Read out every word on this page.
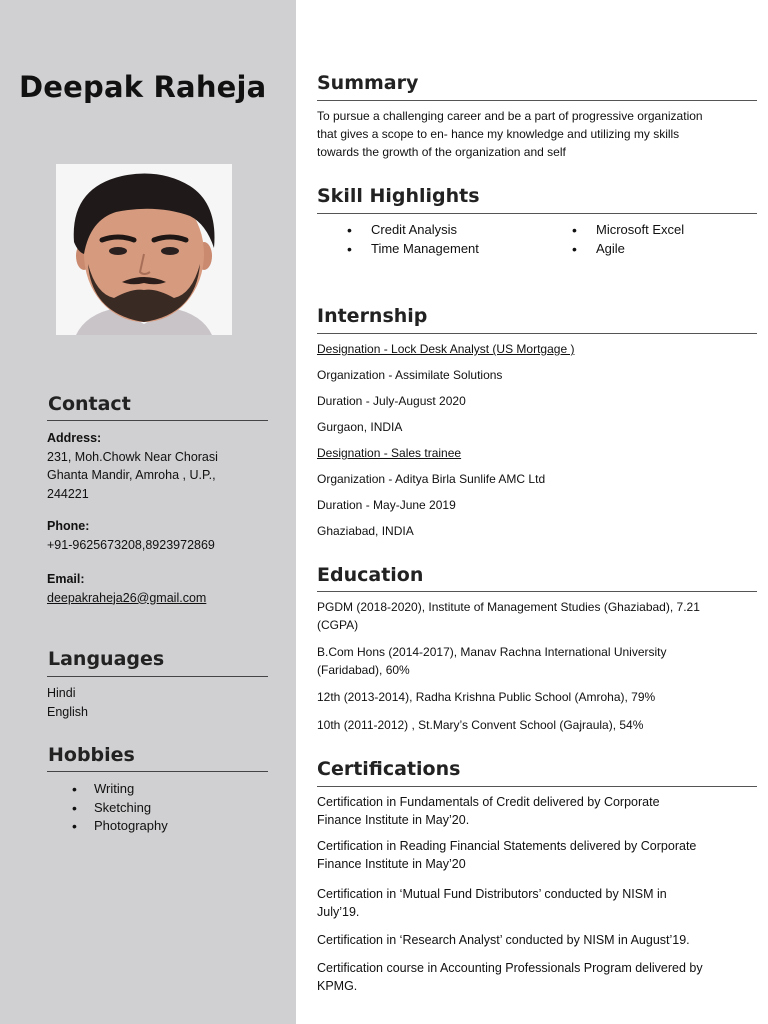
Deepak Raheja
Contact
Address:
231, Moh.Chowk Near Chorasi
Ghanta Mandir, Amroha , U.P.,
244221
Phone:
+91-9625673208,8923972869
Email:
deepakraheja26@gmail.com
Languages
Hindi
English
Hobbies
• Writing
• Sketching
• Photography
Summary
To pursue a challenging career and be a part of progressive organization
that gives a scope to en- hance my knowledge and utilizing my skills
towards the growth of the organization and self
Skill Highlights
• Credit Analysis
• Time Management
• Microsoft Excel
• Agile
Internship

Designation - Lock Desk Analyst (US Mortgage )

Organization - Assimilate Solutions

Duration - July-August 2020

Gurgaon, INDIA

Designation - Sales trainee

Organization - Aditya Birla Sunlife AMC Ltd

Duration - May-June 2019

Ghaziabad, INDIA

Education
PGDM (2018-2020), Institute of Management Studies (Ghaziabad), 7.21
(CGPA)
B.Com Hons (2014-2017), Manav Rachna International University
(Faridabad), 60%
12th (2013-2014), Radha Krishna Public School (Amroha), 79%
10th (2011-2012) , St.Mary’s Convent School (Gajraula), 54%
Certifications
Certification in Fundamentals of Credit delivered by Corporate
Finance Institute in May’20.
Certification in Reading Financial Statements delivered by Corporate
Finance Institute in May’20
Certification in ‘Mutual Fund Distributors’ conducted by NISM in
July’19.
Certification in ‘Research Analyst’ conducted by NISM in August’19.
Certification course in Accounting Professionals Program delivered by
KPMG.
